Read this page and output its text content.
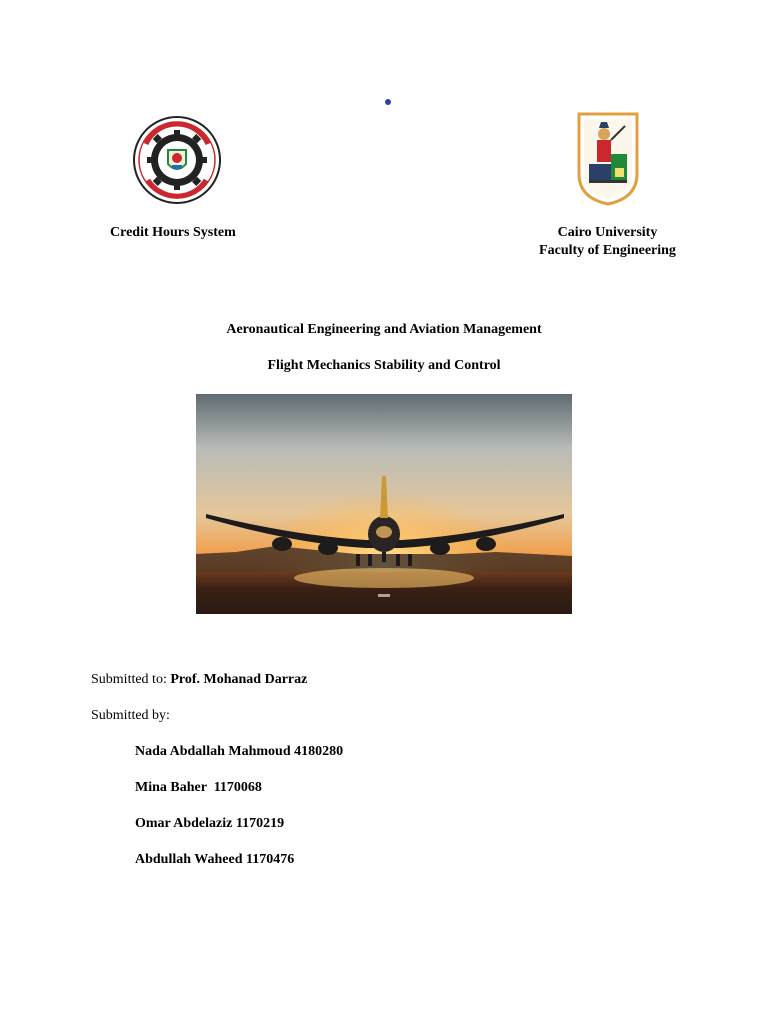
Credit Hours System	Cairo University
Faculty of Engineering
Aeronautical Engineering and Aviation Management
Flight Mechanics Stability and Control
Submitted to: Prof. Mohanad Darraz
Submitted by:
Nada Abdallah Mahmoud 4180280
Mina Baher  1170068
Omar Abdelaziz 1170219
Abdullah Waheed 1170476
